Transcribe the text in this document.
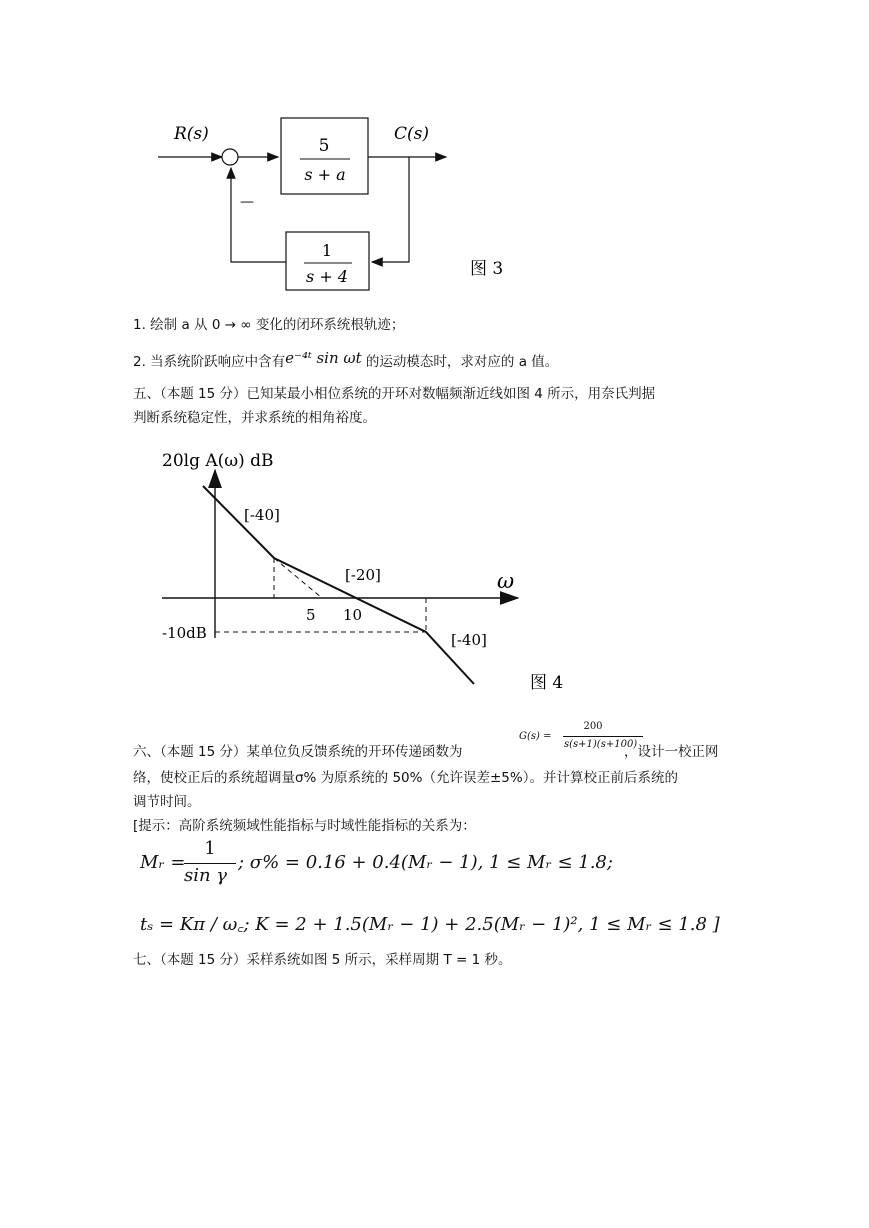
5
s + a
1
s + 4
R(s)	C(s)
—
图 3
1. 绘制 a 从 0 → ∞ 变化的闭环系统根轨迹；
2. 当系统阶跃响应中含有e⁻⁴ᵗ sin ωt 的运动模态时，求对应的 a 值。
五、（本题 15 分）已知某最小相位系统的开环对数幅频渐近线如图 4 所示，用奈氏判据
判断系统稳定性，并求系统的相角裕度。
20lg A(ω) dB
ω
[-40]
[-20]
[-40]
5 10
-10dB
图 4
六、（本题 15 分）某单位负反馈系统的开环传递函数为
G(s) =
200
s(s+1)(s+100)
，设计一校正网
络，使校正后的系统超调量σ% 为原系统的 50%（允许误差±5%）。并计算校正前后系统的
调节时间。
[提示：高阶系统频域性能指标与时域性能指标的关系为：
Mᵣ =
1
sin γ
; σ% = 0.16 + 0.4(Mᵣ − 1), 1 ≤ Mᵣ ≤ 1.8;
tₛ = Kπ / ω꜀; K = 2 + 1.5(Mᵣ − 1) + 2.5(Mᵣ − 1)², 1 ≤ Mᵣ ≤ 1.8 ]
七、（本题 15 分）采样系统如图 5 所示，采样周期 T = 1 秒。
